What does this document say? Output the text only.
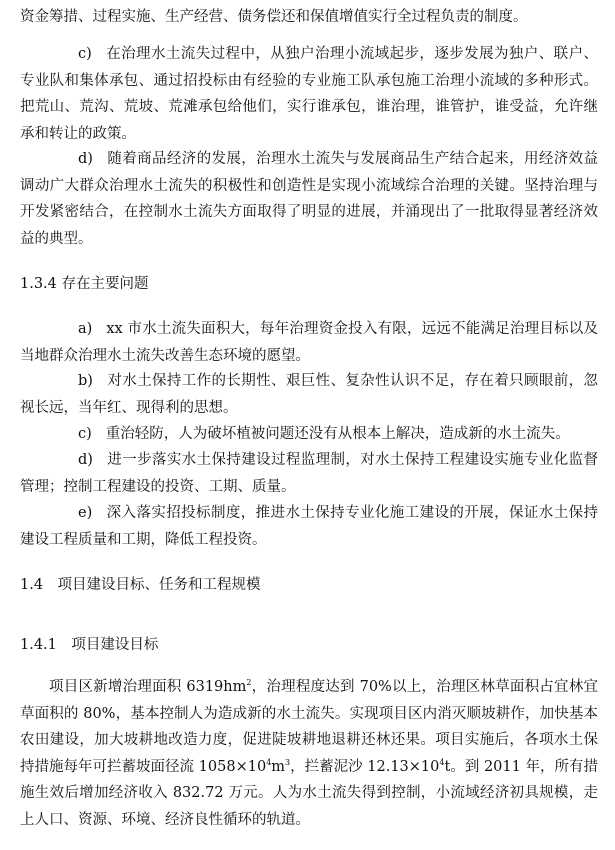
资金筹措、过程实施、生产经营、债务偿还和保值增值实行全过程负责的制度。

c) 在治理水土流失过程中，从独户治理小流域起步，逐步发展为独户、联户、专业队和集体承包、通过招投标由有经验的专业施工队承包施工治理小流域的多种形式。把荒山、荒沟、荒坡、荒滩承包给他们，实行谁承包，谁治理，谁管护，谁受益，允许继承和转让的政策。

d) 随着商品经济的发展，治理水土流失与发展商品生产结合起来，用经济效益调动广大群众治理水土流失的积极性和创造性是实现小流域综合治理的关键。坚持治理与开发紧密结合，在控制水土流失方面取得了明显的进展，并涌现出了一批取得显著经济效益的典型。

1.3.4 存在主要问题

a) xx 市水土流失面积大，每年治理资金投入有限，远远不能满足治理目标以及当地群众治理水土流失改善生态环境的愿望。

b) 对水土保持工作的长期性、艰巨性、复杂性认识不足，存在着只顾眼前，忽视长远，当年红、现得利的思想。

c) 重治轻防，人为破坏植被问题还没有从根本上解决，造成新的水土流失。

d) 进一步落实水土保持建设过程监理制，对水土保持工程建设实施专业化监督管理；控制工程建设的投资、工期、质量。

e) 深入落实招投标制度，推进水土保持专业化施工建设的开展，保证水土保持建设工程质量和工期，降低工程投资。

1.4　项目建设目标、任务和工程规模

1.4.1　项目建设目标

项目区新增治理面积 $6319hm^2$，治理程度达到 70%以上，治理区林草面积占宜林宜草面积的 80%，基本控制人为造成新的水土流失。实现项目区内消灭顺坡耕作，加快基本农田建设，加大坡耕地改造力度，促进陡坡耕地退耕还林还果。项目实施后，各项水土保持措施每年可拦蓄坡面径流 $1058\times 10^4m^3$，拦蓄泥沙 $12.13\times 10^4t$。到 2011 年，所有措施生效后增加经济收入 832.72 万元。人为水土流失得到控制，小流域经济初具规模，走上人口、资源、环境、经济良性循环的轨道。
